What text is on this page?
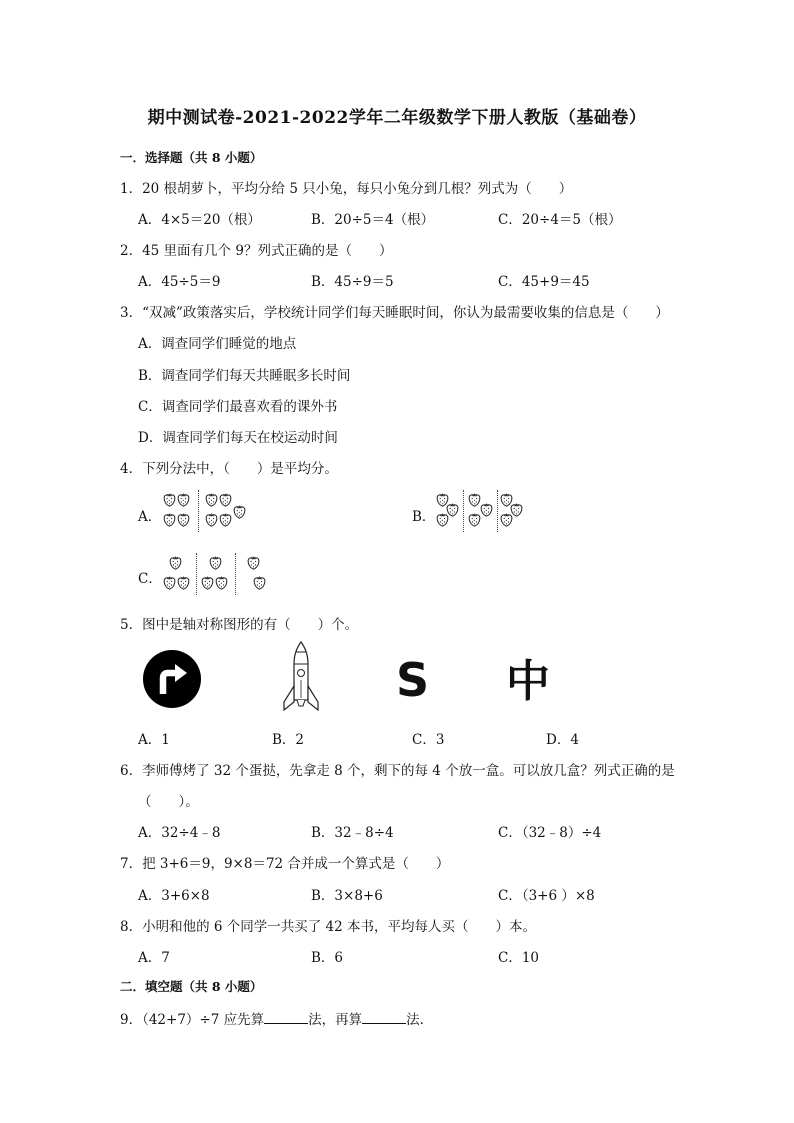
期中测试卷-2021-2022学年二年级数学下册人教版（基础卷）
一．选择题（共 8 小题）
1．20 根胡萝卜，平均分给 5 只小兔，每只小兔分到几根？列式为（　　）
A．4×5＝20（根）	B．20÷5＝4（根）	C．20÷4＝5（根）
2．45 里面有几个 9？列式正确的是（　　）
A．45÷5＝9	B．45÷9＝5	C．45+9＝45
3．“双减”政策落实后，学校统计同学们每天睡眠时间，你认为最需要收集的信息是（　　）
A．调查同学们睡觉的地点
B．调查同学们每天共睡眠多长时间
C．调查同学们最喜欢看的课外书
D．调查同学们每天在校运动时间
4．下列分法中，（　　）是平均分。
A．	B．
C．
5．图中是轴对称图形的有（　　）个。
S 中
A．1	B．2	C．3	D．4
6．李师傅烤了 32 个蛋挞，先拿走 8 个，剩下的每 4 个放一盒。可以放几盒？列式正确的是
（　　）。
A．32÷4﹣8	B．32﹣8÷4	C．（32﹣8）÷4
7．把 3+6＝9，9×8＝72 合并成一个算式是（　　）
A．3+6×8	B．3×8+6	C．（3+6 ）×8
8．小明和他的 6 个同学一共买了 42 本书，平均每人买（　　）本。
A．7	B．6	C．10
二．填空题（共 8 小题）
9．（42+7）÷7 应先算	法，再算	法．
